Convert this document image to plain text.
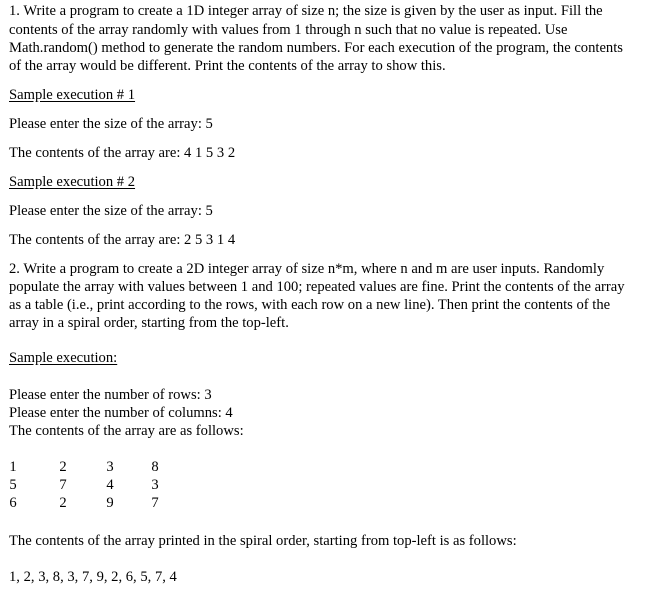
1. Write a program to create a 1D integer array of size n; the size is given by the user as input. Fill the
contents of the array randomly with values from 1 through n such that no value is repeated. Use
Math.random() method to generate the random numbers. For each execution of the program, the contents
of the array would be different. Print the contents of the array to show this.
Sample execution # 1
Please enter the size of the array: 5
The contents of the array are: 4 1 5 3 2
Sample execution # 2
Please enter the size of the array: 5
The contents of the array are: 2 5 3 1 4
2. Write a program to create a 2D integer array of size n*m, where n and m are user inputs. Randomly
populate the array with values between 1 and 100; repeated values are fine. Print the contents of the array
as a table (i.e., print according to the rows, with each row on a new line). Then print the contents of the
array in a spiral order, starting from the top-left.
Sample execution:
Please enter the number of rows: 3
Please enter the number of columns: 4
The contents of the array are as follows:
1	2	3	8
5	7	4	3
6	2	9	7
The contents of the array printed in the spiral order, starting from top-left is as follows:
1, 2, 3, 8, 3, 7, 9, 2, 6, 5, 7, 4
